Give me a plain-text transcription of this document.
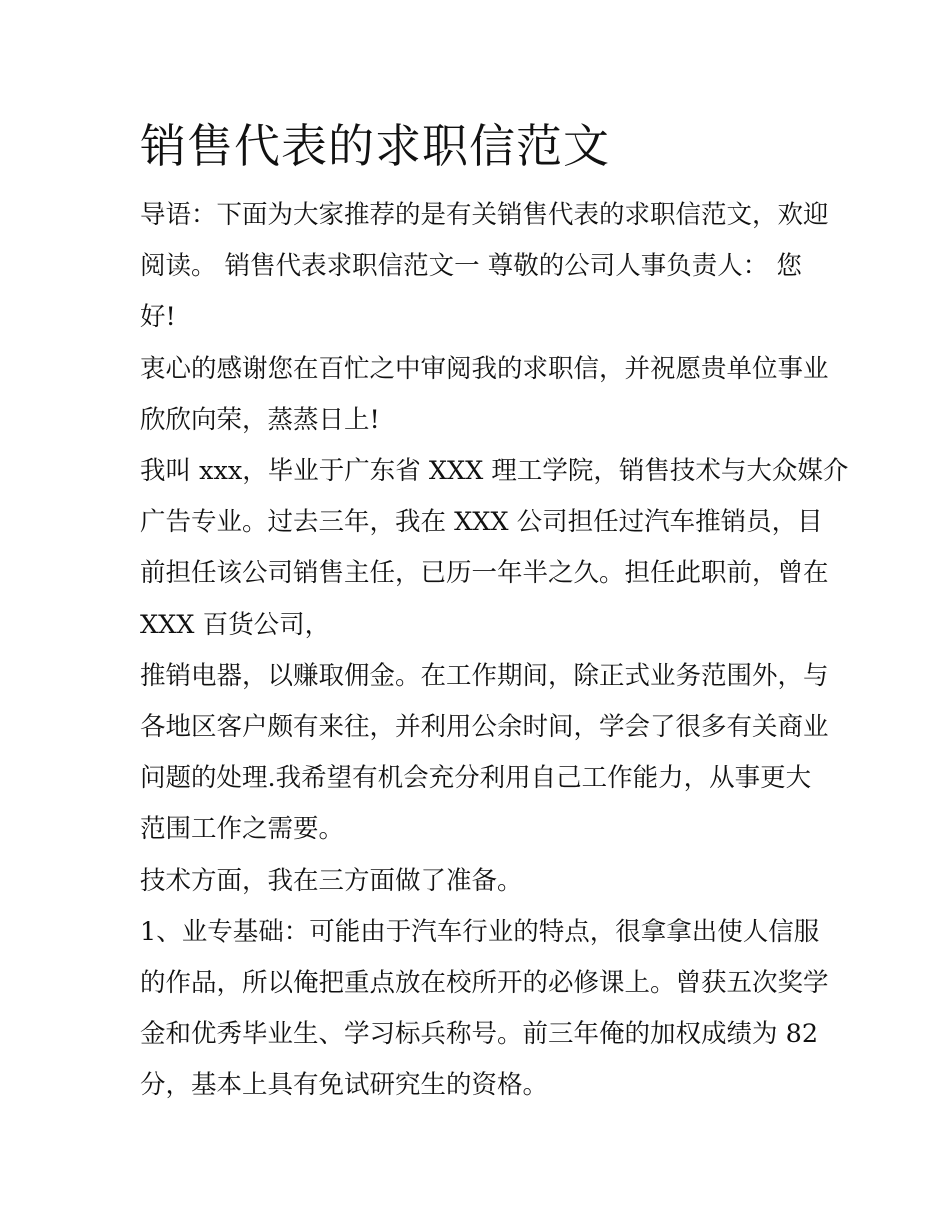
销售代表的求职信范文

导语：下面为大家推荐的是有关销售代表的求职信范文，欢迎

阅读。 销售代表求职信范文一 尊敬的公司人事负责人： 您

好!

衷心的感谢您在百忙之中审阅我的求职信，并祝愿贵单位事业

欣欣向荣，蒸蒸日上!

我叫 xxx，毕业于广东省 XXX 理工学院，销售技术与大众媒介

广告专业。过去三年，我在 XXX 公司担任过汽车推销员，目

前担任该公司销售主任，已历一年半之久。担任此职前，曾在

XXX 百货公司，

推销电器，以赚取佣金。在工作期间，除正式业务范围外，与

各地区客户颇有来往，并利用公余时间，学会了很多有关商业

问题的处理.我希望有机会充分利用自己工作能力，从事更大

范围工作之需要。

技术方面，我在三方面做了准备。

1、业专基础：可能由于汽车行业的特点，很拿拿出使人信服

的作品，所以俺把重点放在校所开的必修课上。曾获五次奖学

金和优秀毕业生、学习标兵称号。前三年俺的加权成绩为 82

分，基本上具有免试研究生的资格。
